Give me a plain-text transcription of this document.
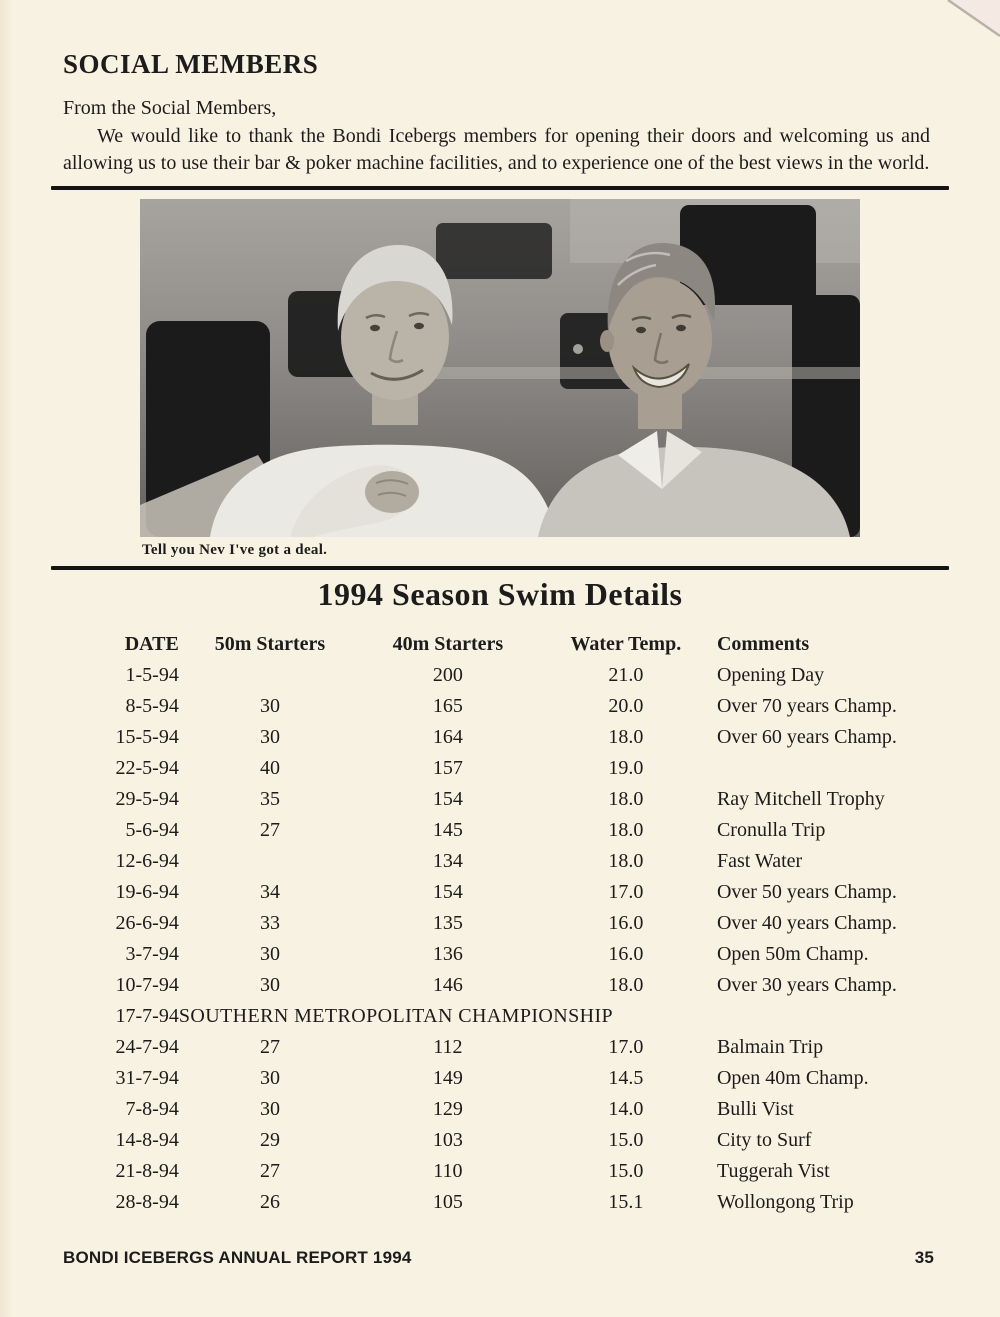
SOCIAL MEMBERS

From the Social Members,

We would like to thank the Bondi Icebergs members for opening their doors and welcoming us and allowing us to use their bar & poker machine facilities, and to experience one of the best views in the world.

Tell you Nev I've got a deal.
1994 Season Swim Details
DATE	50m Starters	40m Starters	Water Temp.	Comments
1-5-94		200	21.0	Opening Day
8-5-94	30	165	20.0	Over 70 years Champ.
15-5-94	30	164	18.0	Over 60 years Champ.
22-5-94	40	157	19.0	
29-5-94	35	154	18.0	Ray Mitchell Trophy
5-6-94	27	145	18.0	Cronulla Trip
12-6-94		134	18.0	Fast Water
19-6-94	34	154	17.0	Over 50 years Champ.
26-6-94	33	135	16.0	Over 40 years Champ.
3-7-94	30	136	16.0	Open 50m Champ.
10-7-94	30	146	18.0	Over 30 years Champ.
17-7-94	SOUTHERN METROPOLITAN CHAMPIONSHIP			
24-7-94	27	112	17.0	Balmain Trip
31-7-94	30	149	14.5	Open 40m Champ.
7-8-94	30	129	14.0	Bulli Vist
14-8-94	29	103	15.0	City to Surf
21-8-94	27	110	15.0	Tuggerah Vist
28-8-94	26	105	15.1	Wollongong Trip
BONDI ICEBERGS ANNUAL REPORT 1994	35
